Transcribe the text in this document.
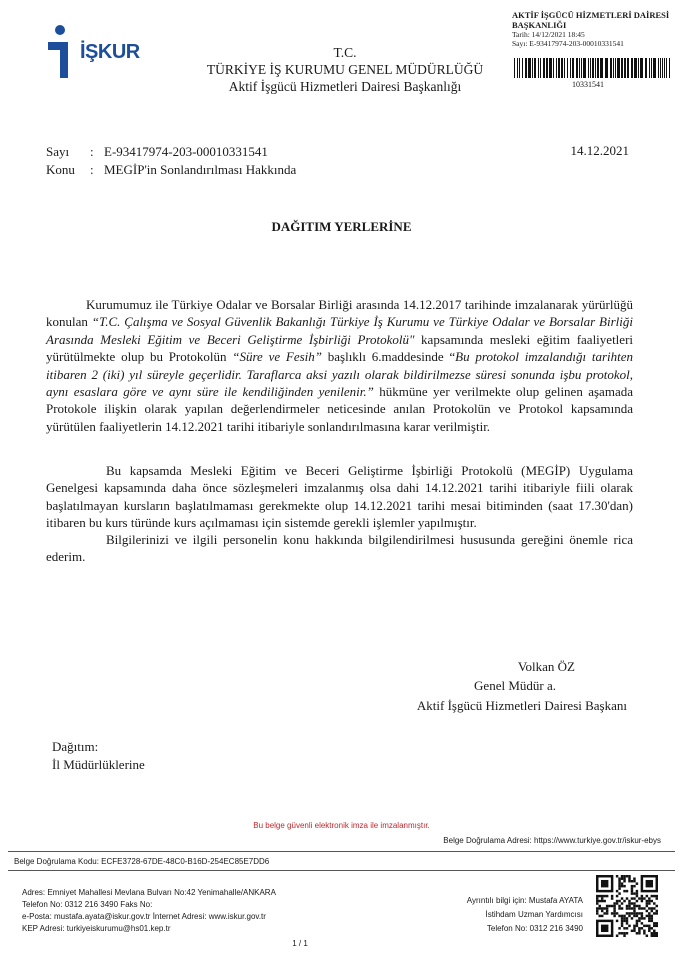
İŞKUR	T.C.
TÜRKİYE İŞ KURUMU GENEL MÜDÜRLÜĞÜ
Aktif İşgücü Hizmetleri Dairesi Başkanlığı
AKTİF İŞGÜCÜ HİZMETLERİ DAİRESİ
BAŞKANLIĞI
Tarih: 14/12/2021 18:45
Sayı: E-93417974-203-00010331541
10331541
Sayı : E-93417974-203-00010331541
Konu : MEGİP'in Sonlandırılması Hakkında
14.12.2021
DAĞITIM YERLERİNE
Kurumumuz ile Türkiye Odalar ve Borsalar Birliği arasında 14.12.2017 tarihinde imzalanarak yürürlüğü konulan “T.C. Çalışma ve Sosyal Güvenlik Bakanlığı Türkiye İş Kurumu ve Türkiye Odalar ve Borsalar Birliği Arasında Mesleki Eğitim ve Beceri Geliştirme İşbirliği Protokolü" kapsamında mesleki eğitim faaliyetleri yürütülmekte olup bu Protokolün “Süre ve Fesih” başlıklı 6.maddesinde “Bu protokol imzalandığı tarihten itibaren 2 (iki) yıl süreyle geçerlidir. Taraflarca aksi yazılı olarak bildirilmezse süresi sonunda işbu protokol, aynı esaslara göre ve aynı süre ile kendiliğinden yenilenir.” hükmüne yer verilmekte olup gelinen aşamada Protokole ilişkin olarak yapılan değerlendirmeler neticesinde anılan Protokolün ve Protokol kapsamında yürütülen faaliyetlerin 14.12.2021 tarihi itibariyle sonlandırılmasına karar verilmiştir.
Bu kapsamda Mesleki Eğitim ve Beceri Geliştirme İşbirliği Protokolü (MEGİP) Uygulama Genelgesi kapsamında daha önce sözleşmeleri imzalanmış olsa dahi 14.12.2021 tarihi itibariyle fiili olarak başlatılmayan kursların başlatılmaması gerekmekte olup 14.12.2021 tarihi mesai bitiminden (saat 17.30'dan) itibaren bu kurs türünde kurs açılmaması için sistemde gerekli işlemler yapılmıştır.
Bilgilerinizi ve ilgili personelin konu hakkında bilgilendirilmesi hususunda gereğini önemle rica ederim.
Volkan ÖZ
Genel Müdür a.
Aktif İşgücü Hizmetleri Dairesi Başkanı
Dağıtım:
İl Müdürlüklerine
Bu belge güvenli elektronik imza ile imzalanmıştır.
Belge Doğrulama Adresi: https://www.turkiye.gov.tr/iskur-ebys
Belge Doğrulama Kodu: ECFE3728-67DE-48C0-B16D-254EC85E7DD6
Adres: Emniyet Mahallesi Mevlana Bulvarı No:42 Yenimahalle/ANKARA
Telefon No: 0312 216 3490 Faks No:
e-Posta: mustafa.ayata@iskur.gov.tr İnternet Adresi: www.iskur.gov.tr
KEP Adresi: turkiyeiskurumu@hs01.kep.tr
Ayrıntılı bilgi için: Mustafa AYATA
İstihdam Uzman Yardımcısı
Telefon No: 0312 216 3490
1 / 1
